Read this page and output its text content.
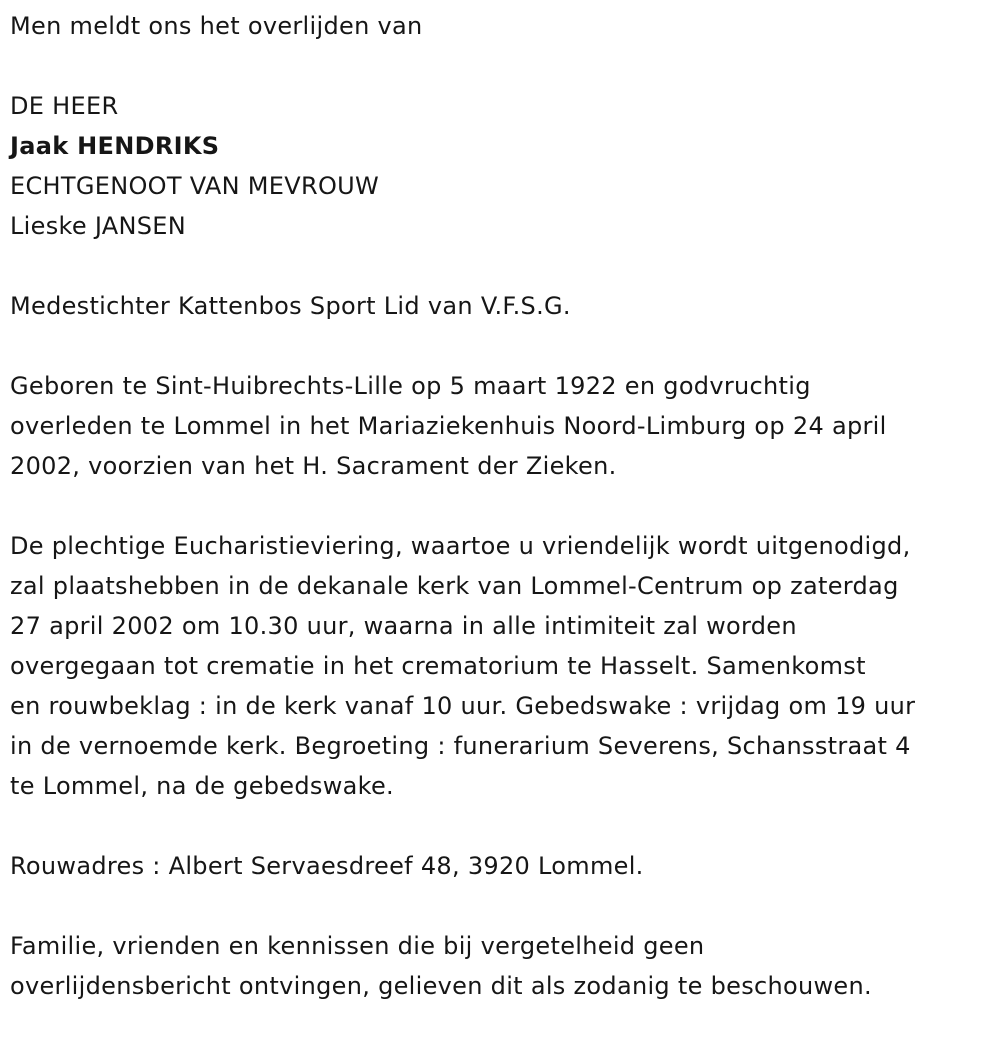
Men meldt ons het overlijden van
DE HEER
Jaak HENDRIKS
ECHTGENOOT VAN MEVROUW
Lieske JANSEN
Medestichter Kattenbos Sport Lid van V.F.S.G.
Geboren te Sint-Huibrechts-Lille op 5 maart 1922 en godvruchtig
overleden te Lommel in het Mariaziekenhuis Noord-Limburg op 24 april
2002, voorzien van het H. Sacrament der Zieken.
De plechtige Eucharistieviering, waartoe u vriendelijk wordt uitgenodigd,
zal plaatshebben in de dekanale kerk van Lommel-Centrum op zaterdag
27 april 2002 om 10.30 uur, waarna in alle intimiteit zal worden
overgegaan tot crematie in het crematorium te Hasselt. Samenkomst
en rouwbeklag : in de kerk vanaf 10 uur. Gebedswake : vrijdag om 19 uur
in de vernoemde kerk. Begroeting : funerarium Severens, Schansstraat 4
te Lommel, na de gebedswake.
Rouwadres : Albert Servaesdreef 48, 3920 Lommel.
Familie, vrienden en kennissen die bij vergetelheid geen
overlijdensbericht ontvingen, gelieven dit als zodanig te beschouwen.
